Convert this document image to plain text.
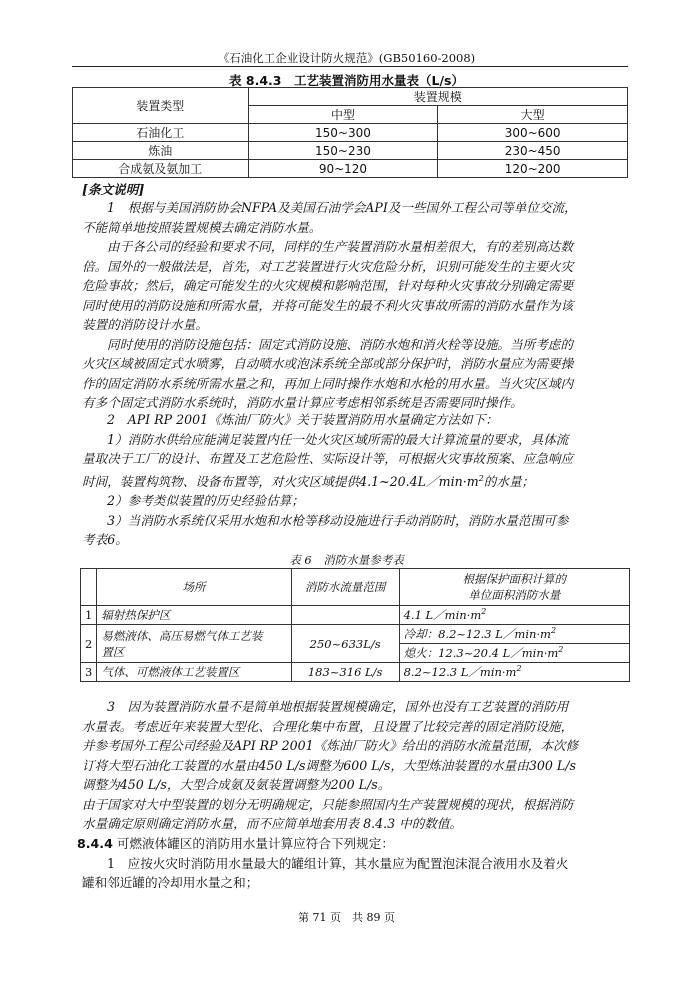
《石油化工企业设计防火规范》(GB50160-2008)
表 8.4.3　工艺装置消防用水量表（L/s）
装置类型	装置规模	
	中型	大型
石油化工	150~300	300~600
炼油	150~230	230~450
合成氨及氨加工	90~120	120~200
[条文说明]

1　根据与美国消防协会NFPA及美国石油学会API及一些国外工程公司等单位交流，

不能简单地按照装置规模去确定消防水量。

由于各公司的经验和要求不同，同样的生产装置消防水量相差很大，有的差别高达数

倍。国外的一般做法是，首先，对工艺装置进行火灾危险分析，识别可能发生的主要火灾

危险事故；然后，确定可能发生的火灾规模和影响范围，针对每种火灾事故分别确定需要

同时使用的消防设施和所需水量，并将可能发生的最不利火灾事故所需的消防水量作为该

装置的消防设计水量。

同时使用的消防设施包括：固定式消防设施、消防水炮和消火栓等设施。当所考虑的

火灾区域被固定式水喷雾，自动喷水或泡沫系统全部或部分保护时，消防水量应为需要操

作的固定消防水系统所需水量之和，再加上同时操作水炮和水枪的用水量。当火灾区域内

有多个固定式消防水系统时，消防水量计算应考虑相邻系统是否需要同时操作。

2　API RP 2001《炼油厂防火》关于装置消防用水量确定方法如下：

1）消防水供给应能满足装置内任一处火灾区域所需的最大计算流量的要求，具体流

量取决于工厂的设计、布置及工艺危险性、实际设计等，可根据火灾事故预案、应急响应

时间，装置构筑物、设备布置等，对火灾区域提供$4.1\sim 20.4L/\min\cdot m^2$的水量；

2）参考类似装置的历史经验估算；

3）当消防水系统仅采用水炮和水枪等移动设施进行手动消防时，消防水量范围可参

考表6。

表 6　消防水量参考表
	场所	消防水流量范围	根据保护面积计算的
单位面积消防水量

1	辐射热保护区		4.1 $L/\min\cdot m^2$
2	易燃液体、高压易燃气体工艺装
置区	250~633L/s	冷却：8.2~12.3 $L/\min\cdot m^2$
			熄火：12.3~20.4 $L/\min\cdot m^2$
3	气体、可燃液体工艺装置区	183~316 L/s	8.2~12.3 $L/\min\cdot m^2$

3　因为装置消防水量不是简单地根据装置规模确定，国外也没有工艺装置的消防用

水量表。考虑近年来装置大型化、合理化集中布置，且设置了比较完善的固定消防设施，

并参考国外工程公司经验及API RP 2001《炼油厂防火》给出的消防水流量范围，本次修

订将大型石油化工装置的水量由450 L/s调整为600 L/s，大型炼油装置的水量由300 L/s

调整为450 L/s，大型合成氨及氨装置调整为200 L/s。

由于国家对大中型装置的划分无明确规定，只能参照国内生产装置规模的现状，根据消防

水量确定原则确定消防水量，而不应简单地套用表 8.4.3 中的数值。

8.4.4 可燃液体罐区的消防用水量计算应符合下列规定：

1　应按火灾时消防用水量最大的罐组计算，其水量应为配置泡沫混合液用水及着火

罐和邻近罐的冷却用水量之和；

第 71 页　共 89 页
